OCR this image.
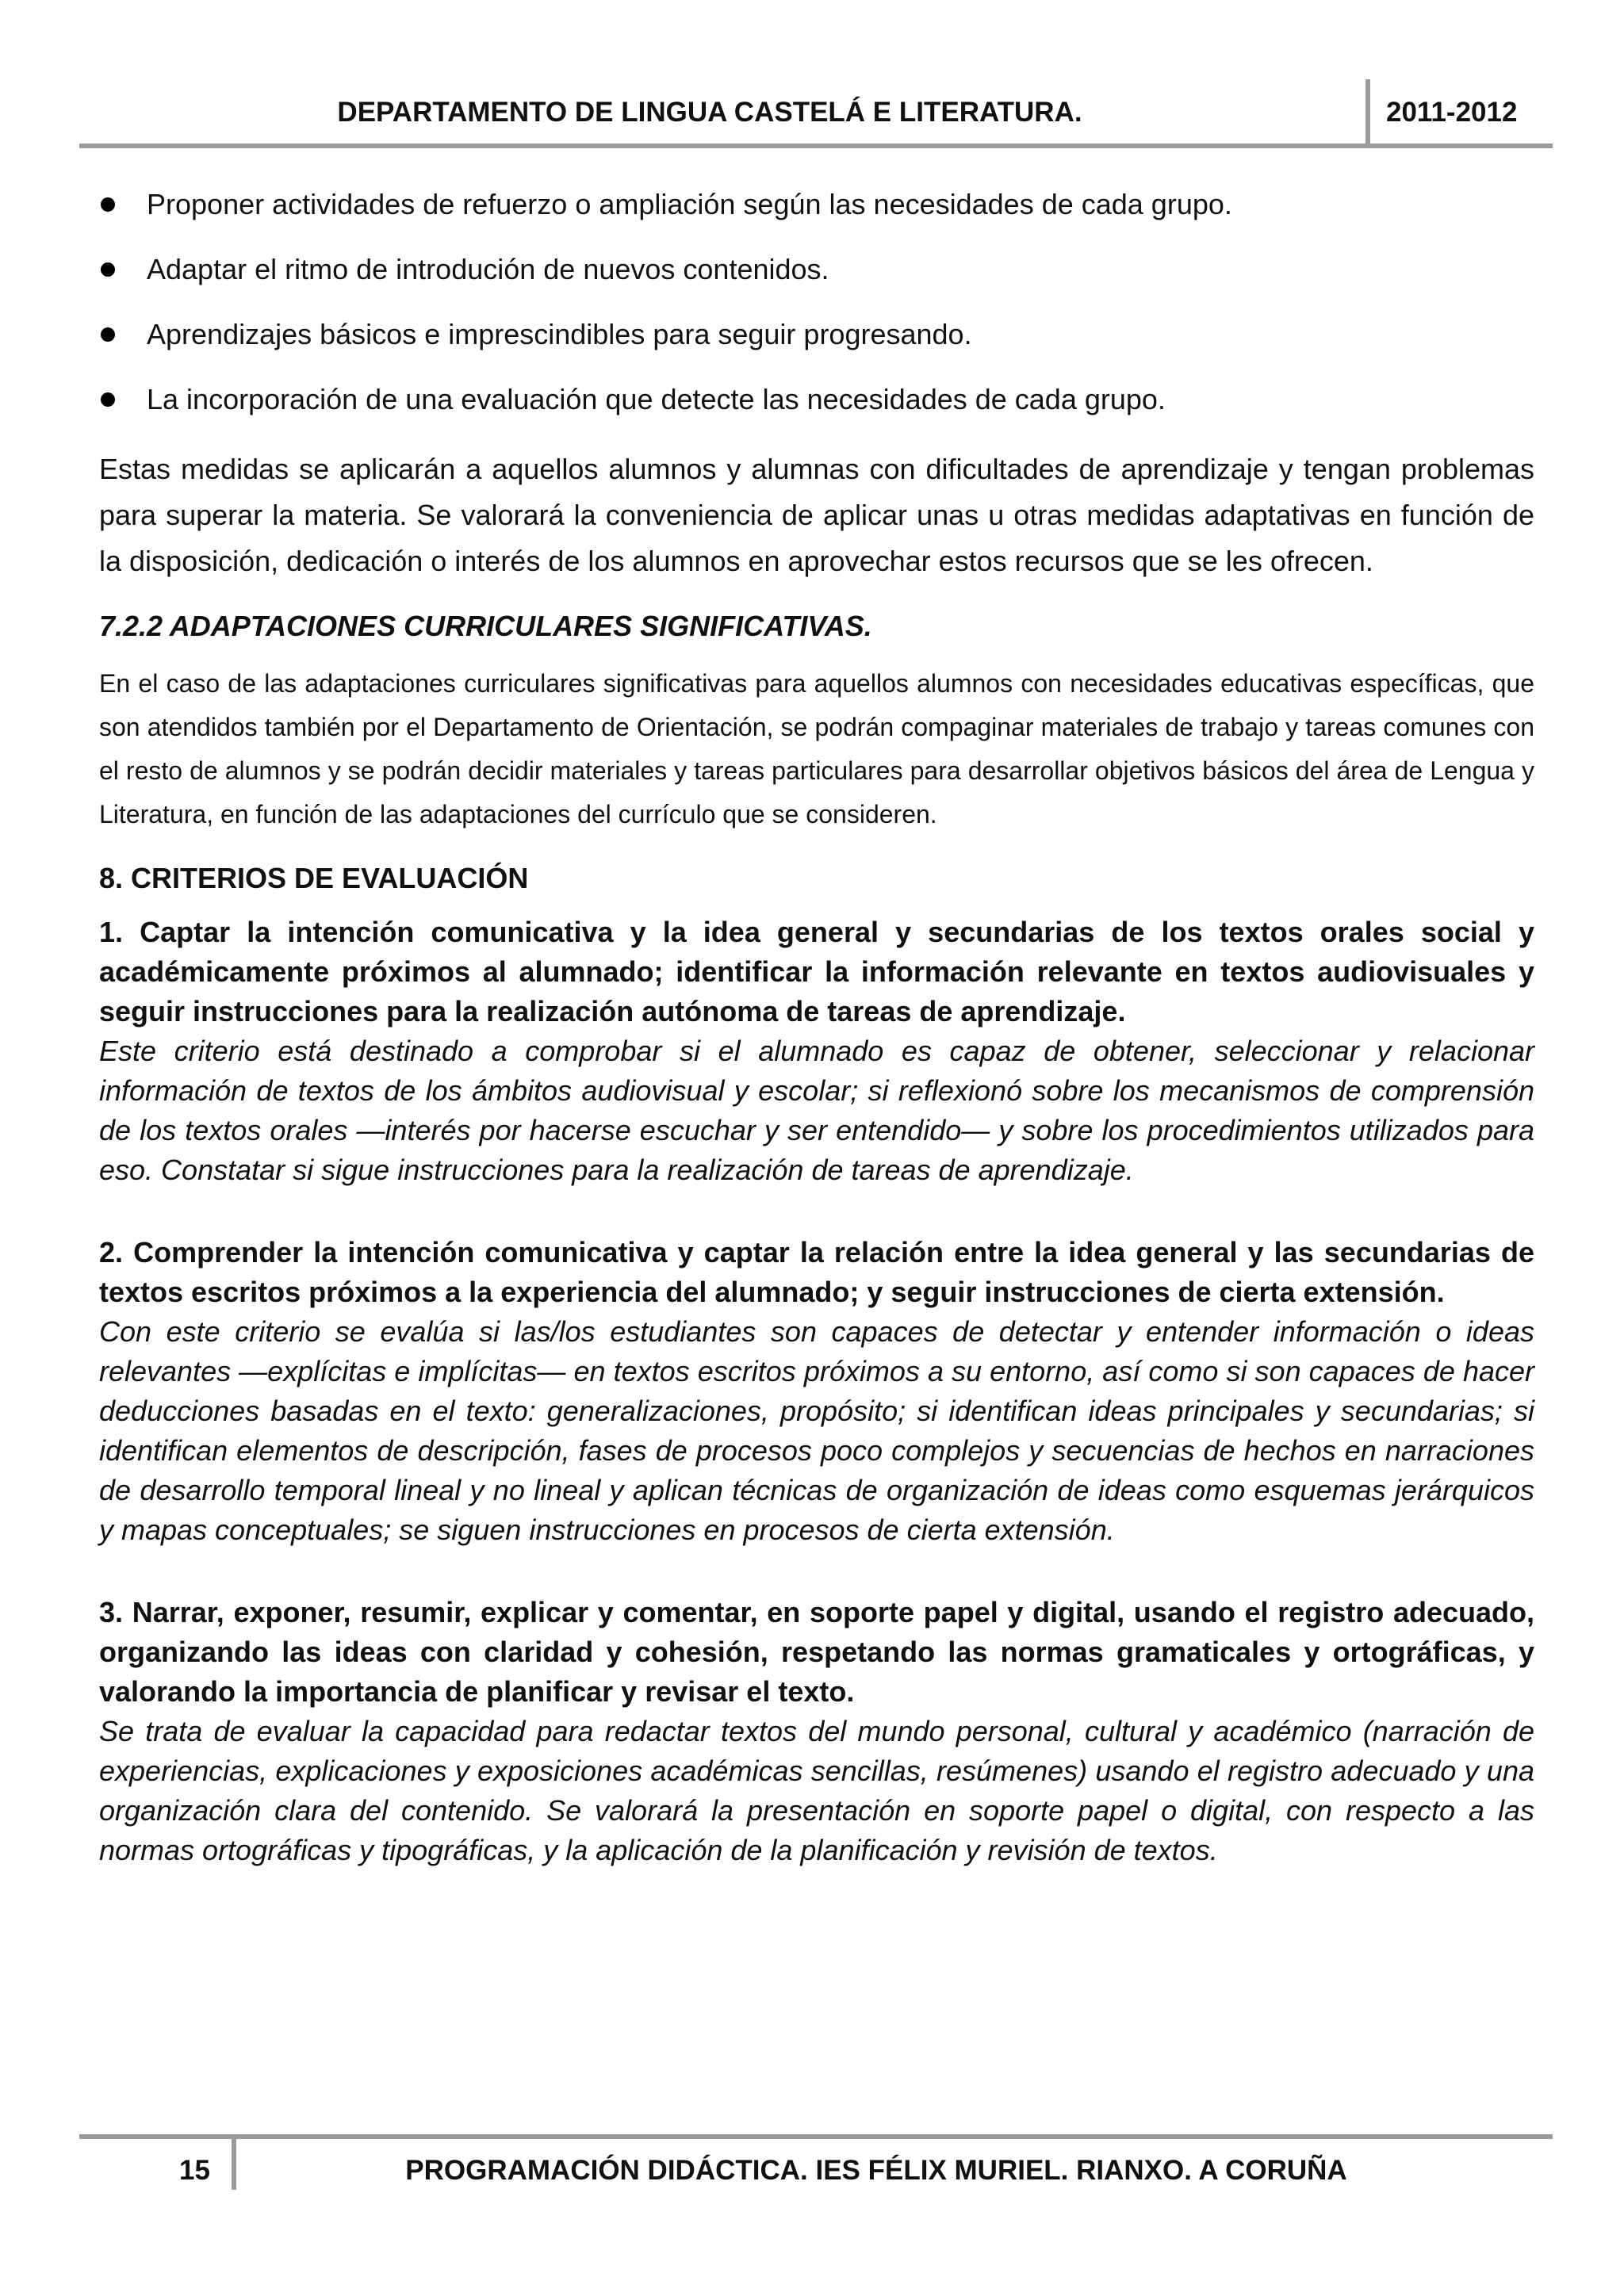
DEPARTAMENTO DE LINGUA CASTELÁ E LITERATURA.	2011-2012
Proponer actividades de refuerzo o ampliación según las necesidades de cada grupo.
Adaptar el ritmo de introdución de nuevos contenidos.
Aprendizajes básicos e imprescindibles para seguir progresando.
La incorporación de una evaluación que detecte las necesidades de cada grupo.

Estas medidas se aplicarán a aquellos alumnos y alumnas con dificultades de aprendizaje y tengan problemas para superar la materia. Se valorará la conveniencia de aplicar unas u otras medidas adaptativas en función de la disposición, dedicación o interés de los alumnos en aprovechar estos recursos que se les ofrecen.

7.2.2 ADAPTACIONES CURRICULARES SIGNIFICATIVAS.

En el caso de las adaptaciones curriculares significativas para aquellos alumnos con necesidades educativas específicas, que son atendidos también por el Departamento de Orientación, se podrán compaginar materiales de trabajo y tareas comunes con el resto de alumnos y se podrán decidir materiales y tareas particulares para desarrollar objetivos básicos del área de Lengua y Literatura, en función de las adaptaciones del currículo que se consideren.

8. CRITERIOS DE EVALUACIÓN
1. Captar la intención comunicativa y la idea general y secundarias de los textos orales social y académicamente próximos al alumnado; identificar la información relevante en textos audiovisuales y seguir instrucciones para la realización autónoma de tareas de aprendizaje.
Este criterio está destinado a comprobar si el alumnado es capaz de obtener, seleccionar y relacionar información de textos de los ámbitos audiovisual y escolar; si reflexionó sobre los mecanismos de comprensión de los textos orales —interés por hacerse escuchar y ser entendido— y sobre los procedimientos utilizados para eso. Constatar si sigue instrucciones para la realización de tareas de aprendizaje.
2. Comprender la intención comunicativa y captar la relación entre la idea general y las secundarias de textos escritos próximos a la experiencia del alumnado; y seguir instrucciones de cierta extensión.
Con este criterio se evalúa si las/los estudiantes son capaces de detectar y entender información o ideas relevantes —explícitas e implícitas— en textos escritos próximos a su entorno, así como si son capaces de hacer deducciones basadas en el texto: generalizaciones, propósito; si identifican ideas principales y secundarias; si identifican elementos de descripción, fases de procesos poco complejos y secuencias de hechos en narraciones de desarrollo temporal lineal y no lineal y aplican técnicas de organización de ideas como esquemas jerárquicos y mapas conceptuales; se siguen instrucciones en procesos de cierta extensión.
3. Narrar, exponer, resumir, explicar y comentar, en soporte papel y digital, usando el registro adecuado, organizando las ideas con claridad y cohesión, respetando las normas gramaticales y ortográficas, y valorando la importancia de planificar y revisar el texto.
Se trata de evaluar la capacidad para redactar textos del mundo personal, cultural y académico (narración de experiencias, explicaciones y exposiciones académicas sencillas, resúmenes) usando el registro adecuado y una organización clara del contenido. Se valorará la presentación en soporte papel o digital, con respecto a las normas ortográficas y tipográficas, y la aplicación de la planificación y revisión de textos.
15	PROGRAMACIÓN DIDÁCTICA. IES FÉLIX MURIEL. RIANXO. A CORUÑA
